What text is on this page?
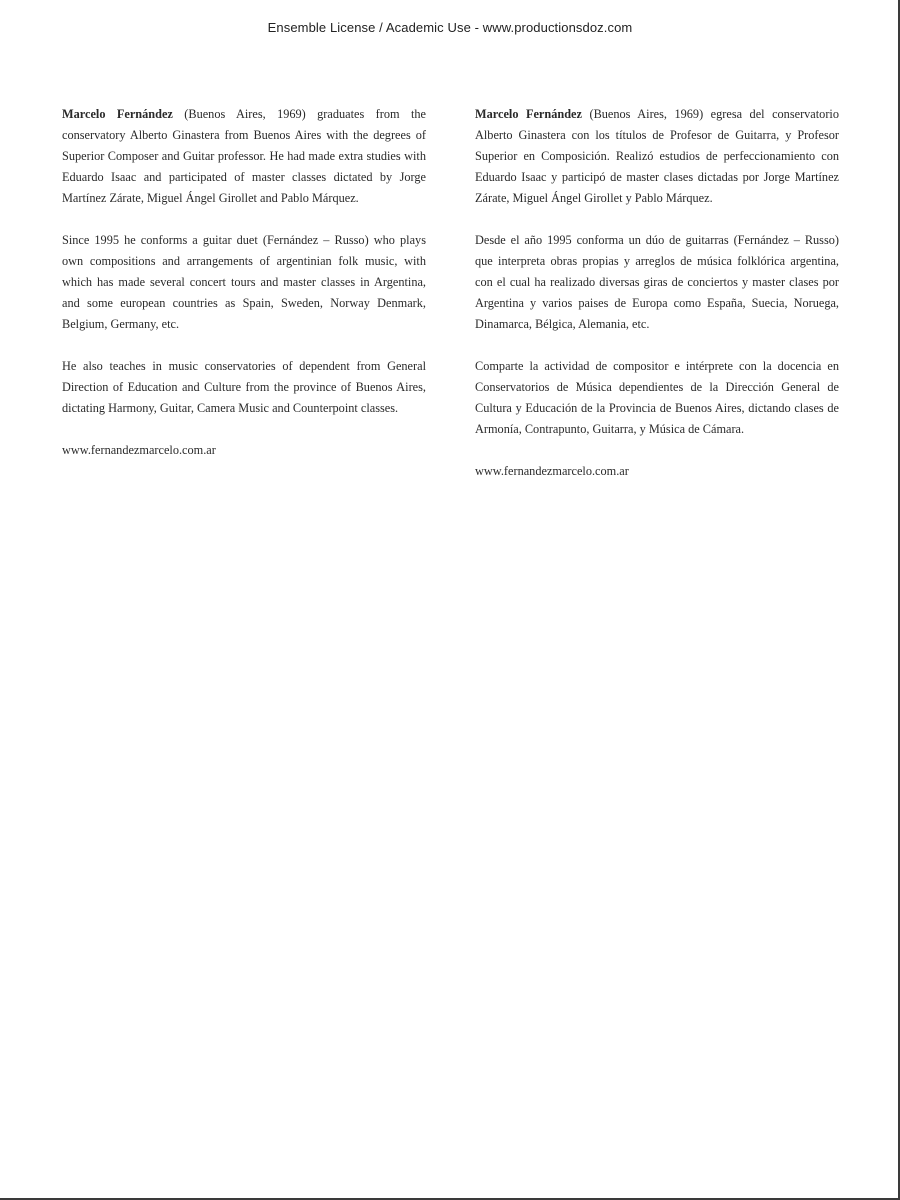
Ensemble License / Academic Use - www.productionsdoz.com

Marcelo Fernández (Buenos Aires, 1969) graduates from the conservatory Alberto Ginastera from Buenos Aires with the degrees of Superior Composer and Guitar professor. He had made extra studies with Eduardo Isaac and participated of master classes dictated by Jorge Martínez Zárate, Miguel Ángel Girollet and Pablo Márquez.

Since 1995 he conforms a guitar duet (Fernández – Russo) who plays own compositions and arrangements of argentinian folk music, with which has made several concert tours and master classes in Argentina, and some european countries as Spain, Sweden, Norway Denmark, Belgium, Germany, etc.

He also teaches in music conservatories of dependent from General Direction of Education and Culture from the province of Buenos Aires, dictating Harmony, Guitar, Camera Music and Counterpoint classes.

www.fernandezmarcelo.com.ar

Marcelo Fernández (Buenos Aires, 1969) egresa del conservatorio Alberto Ginastera con los títulos de Profesor de Guitarra, y Profesor Superior en Composición. Realizó estudios de perfeccionamiento con Eduardo Isaac y participó de master clases dictadas por Jorge Martínez Zárate, Miguel Ángel Girollet y Pablo Márquez.

Desde el año 1995 conforma un dúo de guitarras (Fernández – Russo) que interpreta obras propias y arreglos de música folklórica argentina, con el cual ha realizado diversas giras de conciertos y master clases por Argentina y varios paises de Europa como España, Suecia, Noruega, Dinamarca, Bélgica, Alemania, etc.

Comparte la actividad de compositor e intérprete con la docencia en Conservatorios de Música dependientes de la Dirección General de Cultura y Educación de la Provincia de Buenos Aires, dictando clases de Armonía, Contrapunto, Guitarra, y Música de Cámara.

www.fernandezmarcelo.com.ar
